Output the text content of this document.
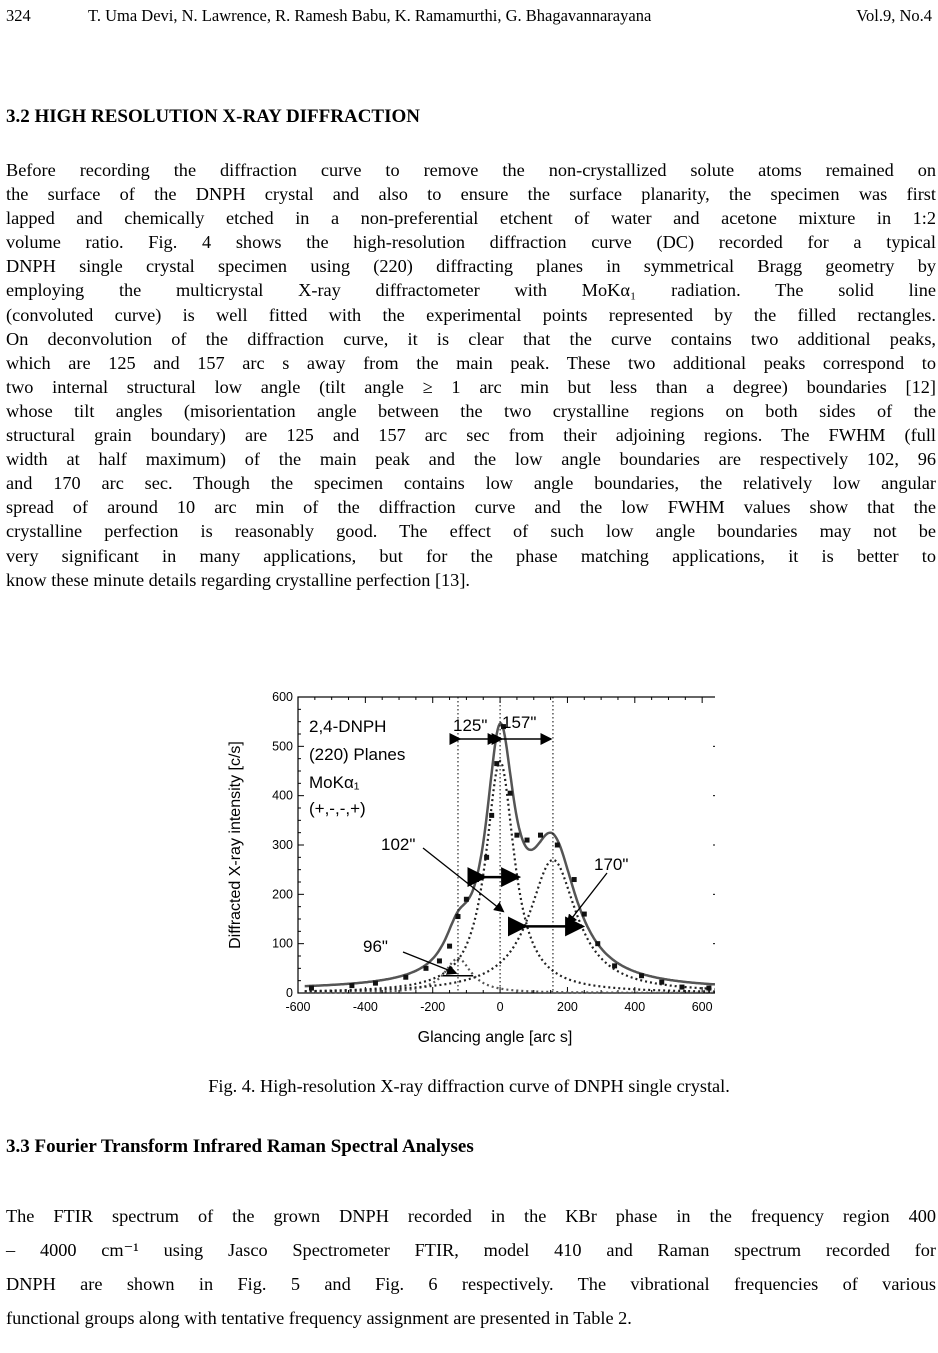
324	T. Uma Devi, N. Lawrence, R. Ramesh Babu, K. Ramamurthi, G. Bhagavannarayana	Vol.9, No.4
3.2 HIGH RESOLUTION X-RAY DIFFRACTION
Before recording the diffraction curve to remove the non-crystallized solute atoms remained on
the surface of the DNPH crystal and also to ensure the surface planarity, the specimen was first
lapped and chemically etched in a non-preferential etchent of water and acetone mixture in 1:2
volume ratio. Fig. 4 shows the high-resolution diffraction curve (DC) recorded for a typical
DNPH single crystal specimen using (220) diffracting planes in symmetrical Bragg geometry by
employing the multicrystal X-ray diffractometer with MoKα₁ radiation. The solid line
(convoluted curve) is well fitted with the experimental points represented by the filled rectangles.
On deconvolution of the diffraction curve, it is clear that the curve contains two additional peaks,
which are 125 and 157 arc s away from the main peak. These two additional peaks correspond to
two internal structural low angle (tilt angle ≥ 1 arc min but less than a degree) boundaries [12]
whose tilt angles (misorientation angle between the two crystalline regions on both sides of the
structural grain boundary) are 125 and 157 arc sec from their adjoining regions. The FWHM (full
width at half maximum) of the main peak and the low angle boundaries are respectively 102, 96
and 170 arc sec. Though the specimen contains low angle boundaries, the relatively low angular
spread of around 10 arc min of the diffraction curve and the low FWHM values show that the
crystalline perfection is reasonably good. The effect of such low angle boundaries may not be
very significant in many applications, but for the phase matching applications, it is better to
know these minute details regarding crystalline perfection [13].
-600	-400	-200	0	200	400	600
0
100
200
300
400
500
600
125" 157"
102"
170"
96"
2,4-DNPH
(220) Planes
MoKα₁
(+,-,-,+)
Glancing angle [arc s]
Diffracted X-ray intensity [c/s]
Fig. 4. High-resolution X-ray diffraction curve of DNPH single crystal.
3.3 Fourier Transform Infrared Raman Spectral Analyses
The FTIR spectrum of the grown DNPH recorded in the KBr phase in the frequency region 400
– 4000 cm⁻¹ using Jasco Spectrometer FTIR, model 410 and Raman spectrum recorded for
DNPH are shown in Fig. 5 and Fig. 6 respectively. The vibrational frequencies of various
functional groups along with tentative frequency assignment are presented in Table 2.
